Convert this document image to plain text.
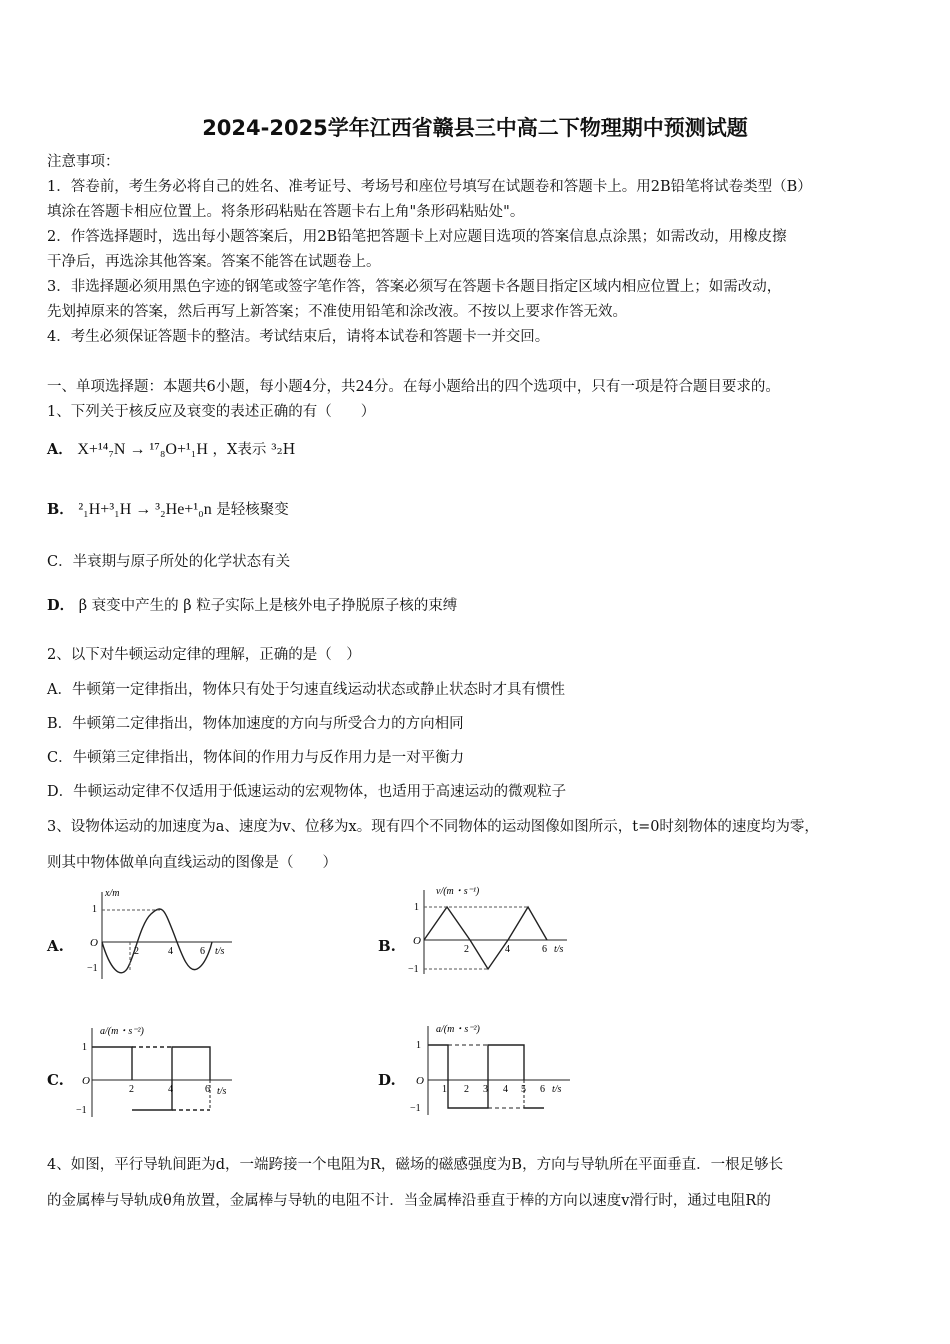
2024-2025学年江西省赣县三中高二下物理期中预测试题
注意事项：
1．答卷前，考生务必将自己的姓名、准考证号、考场号和座位号填写在试题卷和答题卡上。用2B铅笔将试卷类型（B）
填涂在答题卡相应位置上。将条形码粘贴在答题卡右上角"条形码粘贴处"。
2．作答选择题时，选出每小题答案后，用2B铅笔把答题卡上对应题目选项的答案信息点涂黑；如需改动，用橡皮擦
干净后，再选涂其他答案。答案不能答在试题卷上。
3．非选择题必须用黑色字迹的钢笔或签字笔作答，答案必须写在答题卡各题目指定区域内相应位置上；如需改动，
先划掉原来的答案，然后再写上新答案；不准使用铅笔和涂改液。不按以上要求作答无效。
4．考生必须保证答题卡的整洁。考试结束后，请将本试卷和答题卡一并交回。
一、单项选择题：本题共6小题，每小题4分，共24分。在每小题给出的四个选项中，只有一项是符合题目要求的。
1、下列关于核反应及衰变的表述正确的有（　　）
A． X+¹⁴₇N → ¹⁷₈O+¹₁H ，X表示 ³₂H
B． ²₁H+³₁H → ³₂He+¹₀n 是轻核聚变
C．半衰期与原子所处的化学状态有关
D． β 衰变中产生的 β 粒子实际上是核外电子挣脱原子核的束缚
2、以下对牛顿运动定律的理解，正确的是（　）
A．牛顿第一定律指出，物体只有处于匀速直线运动状态或静止状态时才具有惯性
B．牛顿第二定律指出，物体加速度的方向与所受合力的方向相同
C．牛顿第三定律指出，物体间的作用力与反作用力是一对平衡力
D．牛顿运动定律不仅适用于低速运动的宏观物体，也适用于高速运动的微观粒子
3、设物体运动的加速度为a、速度为v、位移为x。现有四个不同物体的运动图像如图所示，t=0时刻物体的速度均为零，
则其中物体做单向直线运动的图像是（　　）
A.
x/m
1
−1
O
2	4	6 t/s	B.
v/(m・s⁻¹)
1
−1
O
2	4	6 t/s
C.
a/(m・s⁻²)
1
−1
O
2	4	6 t/s
D.
a/(m・s⁻²)
1
−1
O
1 2 3 4 5 6 t/s
4、如图，平行导轨间距为d，一端跨接一个电阻为R，磁场的磁感强度为B，方向与导轨所在平面垂直．一根足够长
的金属棒与导轨成θ角放置，金属棒与导轨的电阻不计．当金属棒沿垂直于棒的方向以速度v滑行时，通过电阻R的
